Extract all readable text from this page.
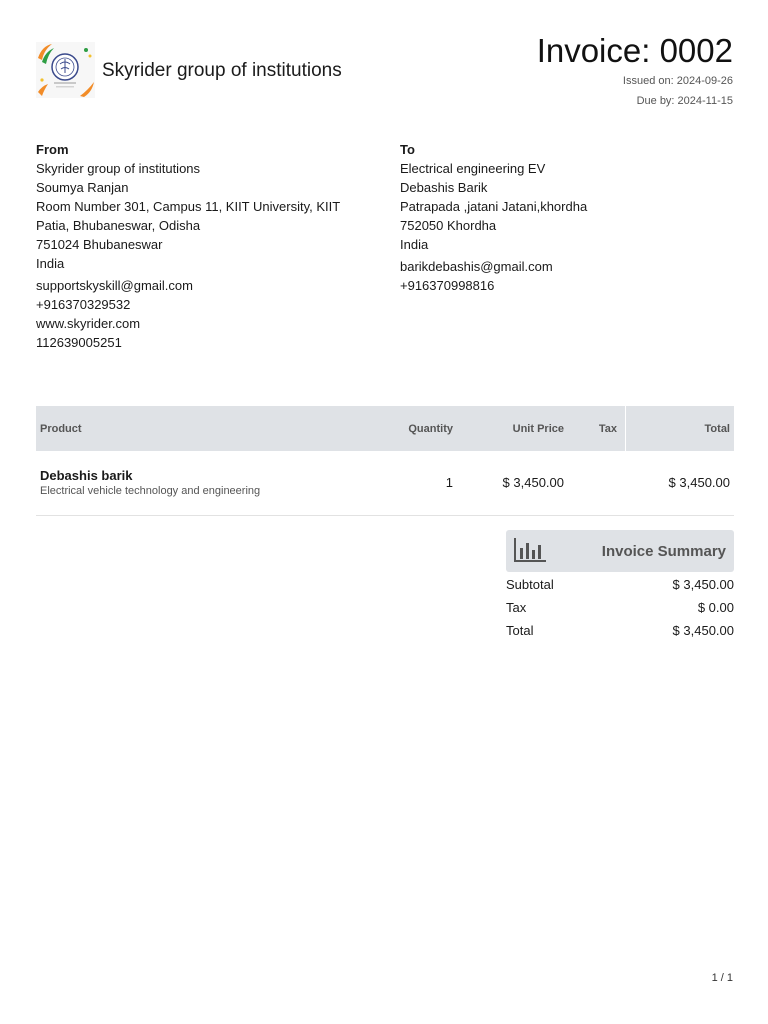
Skyrider group of institutions
Invoice: 0002
Issued on: 2024-09-26
Due by: 2024-11-15
From
Skyrider group of institutions
Soumya Ranjan
Room Number 301, Campus 11, KIIT University, KIIT
Patia, Bhubaneswar, Odisha
751024 Bhubaneswar
India
supportskyskill@gmail.com
+916370329532
www.skyrider.com
112639005251
To
Electrical engineering EV
Debashis Barik
Patrapada ,jatani Jatani,khordha
752050 Khordha
India
barikdebashis@gmail.com
+916370998816
Product	Quantity	Unit Price	Tax	Total

Debashis barik
Electrical vehicle technology and engineering	1	$ 3,450.00		$ 3,450.00
Invoice Summary
Subtotal	$ 3,450.00
Tax	$ 0.00
Total	$ 3,450.00
1 / 1
